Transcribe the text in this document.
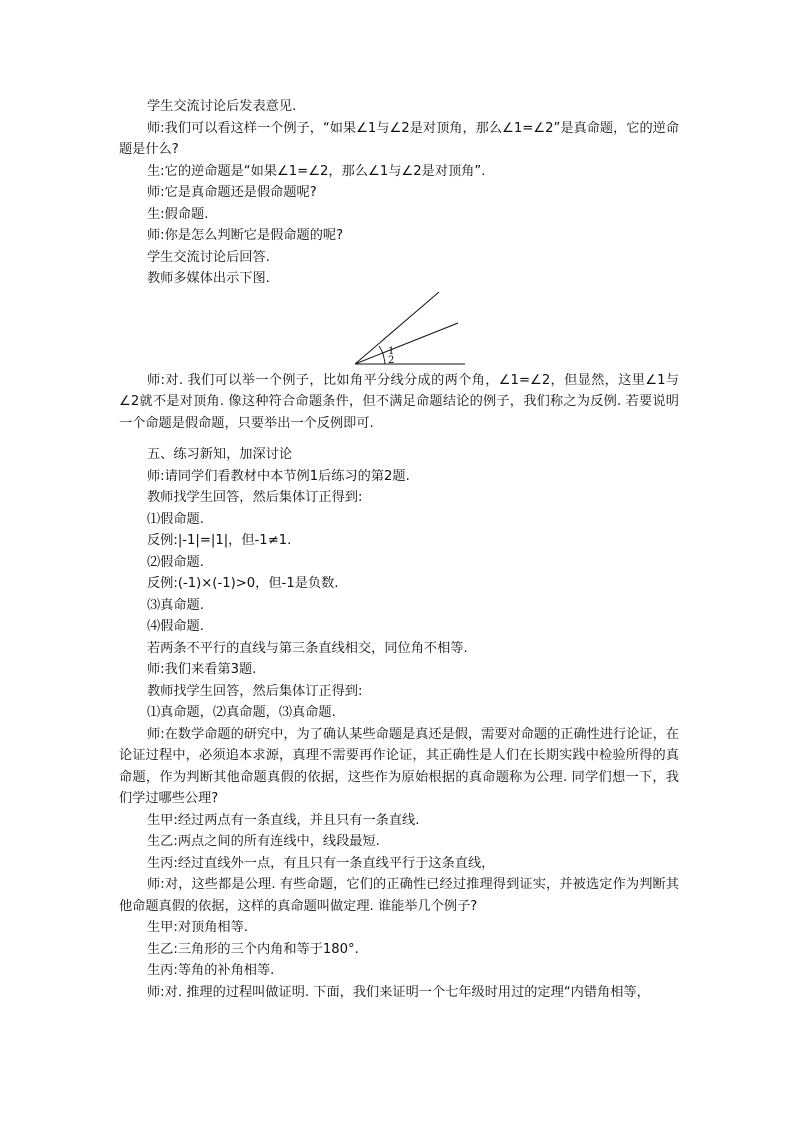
学生交流讨论后发表意见.

师:我们可以看这样一个例子，“如果∠1与∠2是对顶角，那么∠1=∠2”是真命题，它的逆命题是什么?

生:它的逆命题是“如果∠1=∠2，那么∠1与∠2是对顶角”.

师:它是真命题还是假命题呢?

生:假命题.

师:你是怎么判断它是假命题的呢?

学生交流讨论后回答.

教师多媒体出示下图.

1
2

师:对. 我们可以举一个例子，比如角平分线分成的两个角，∠1=∠2，但显然，这里∠1与∠2就不是对顶角. 像这种符合命题条件，但不满足命题结论的例子，我们称之为反例. 若要说明一个命题是假命题，只要举出一个反例即可.

五、练习新知，加深讨论

师:请同学们看教材中本节例1后练习的第2题.

教师找学生回答，然后集体订正得到:

⑴假命题.

反例:|-1|=|1|，但-1≠1.

⑵假命题.

反例:(-1)×(-1)>0，但-1是负数.

⑶真命题.

⑷假命题.

若两条不平行的直线与第三条直线相交，同位角不相等.

师:我们来看第3题.

教师找学生回答，然后集体订正得到:

⑴真命题，⑵真命题，⑶真命题.

师:在数学命题的研究中，为了确认某些命题是真还是假，需要对命题的正确性进行论证，在论证过程中，必须追本求源，真理不需要再作论证，其正确性是人们在长期实践中检验所得的真命题，作为判断其他命题真假的依据，这些作为原始根据的真命题称为公理. 同学们想一下，我们学过哪些公理?

生甲:经过两点有一条直线，并且只有一条直线.

生乙:两点之间的所有连线中，线段最短.

生丙:经过直线外一点，有且只有一条直线平行于这条直线，

师:对，这些都是公理. 有些命题，它们的正确性已经过推理得到证实，并被选定作为判断其他命题真假的依据，这样的真命题叫做定理. 谁能举几个例子?

生甲:对顶角相等.

生乙:三角形的三个内角和等于180°.

生丙:等角的补角相等.

师:对. 推理的过程叫做证明. 下面，我们来证明一个七年级时用过的定理“内错角相等，
